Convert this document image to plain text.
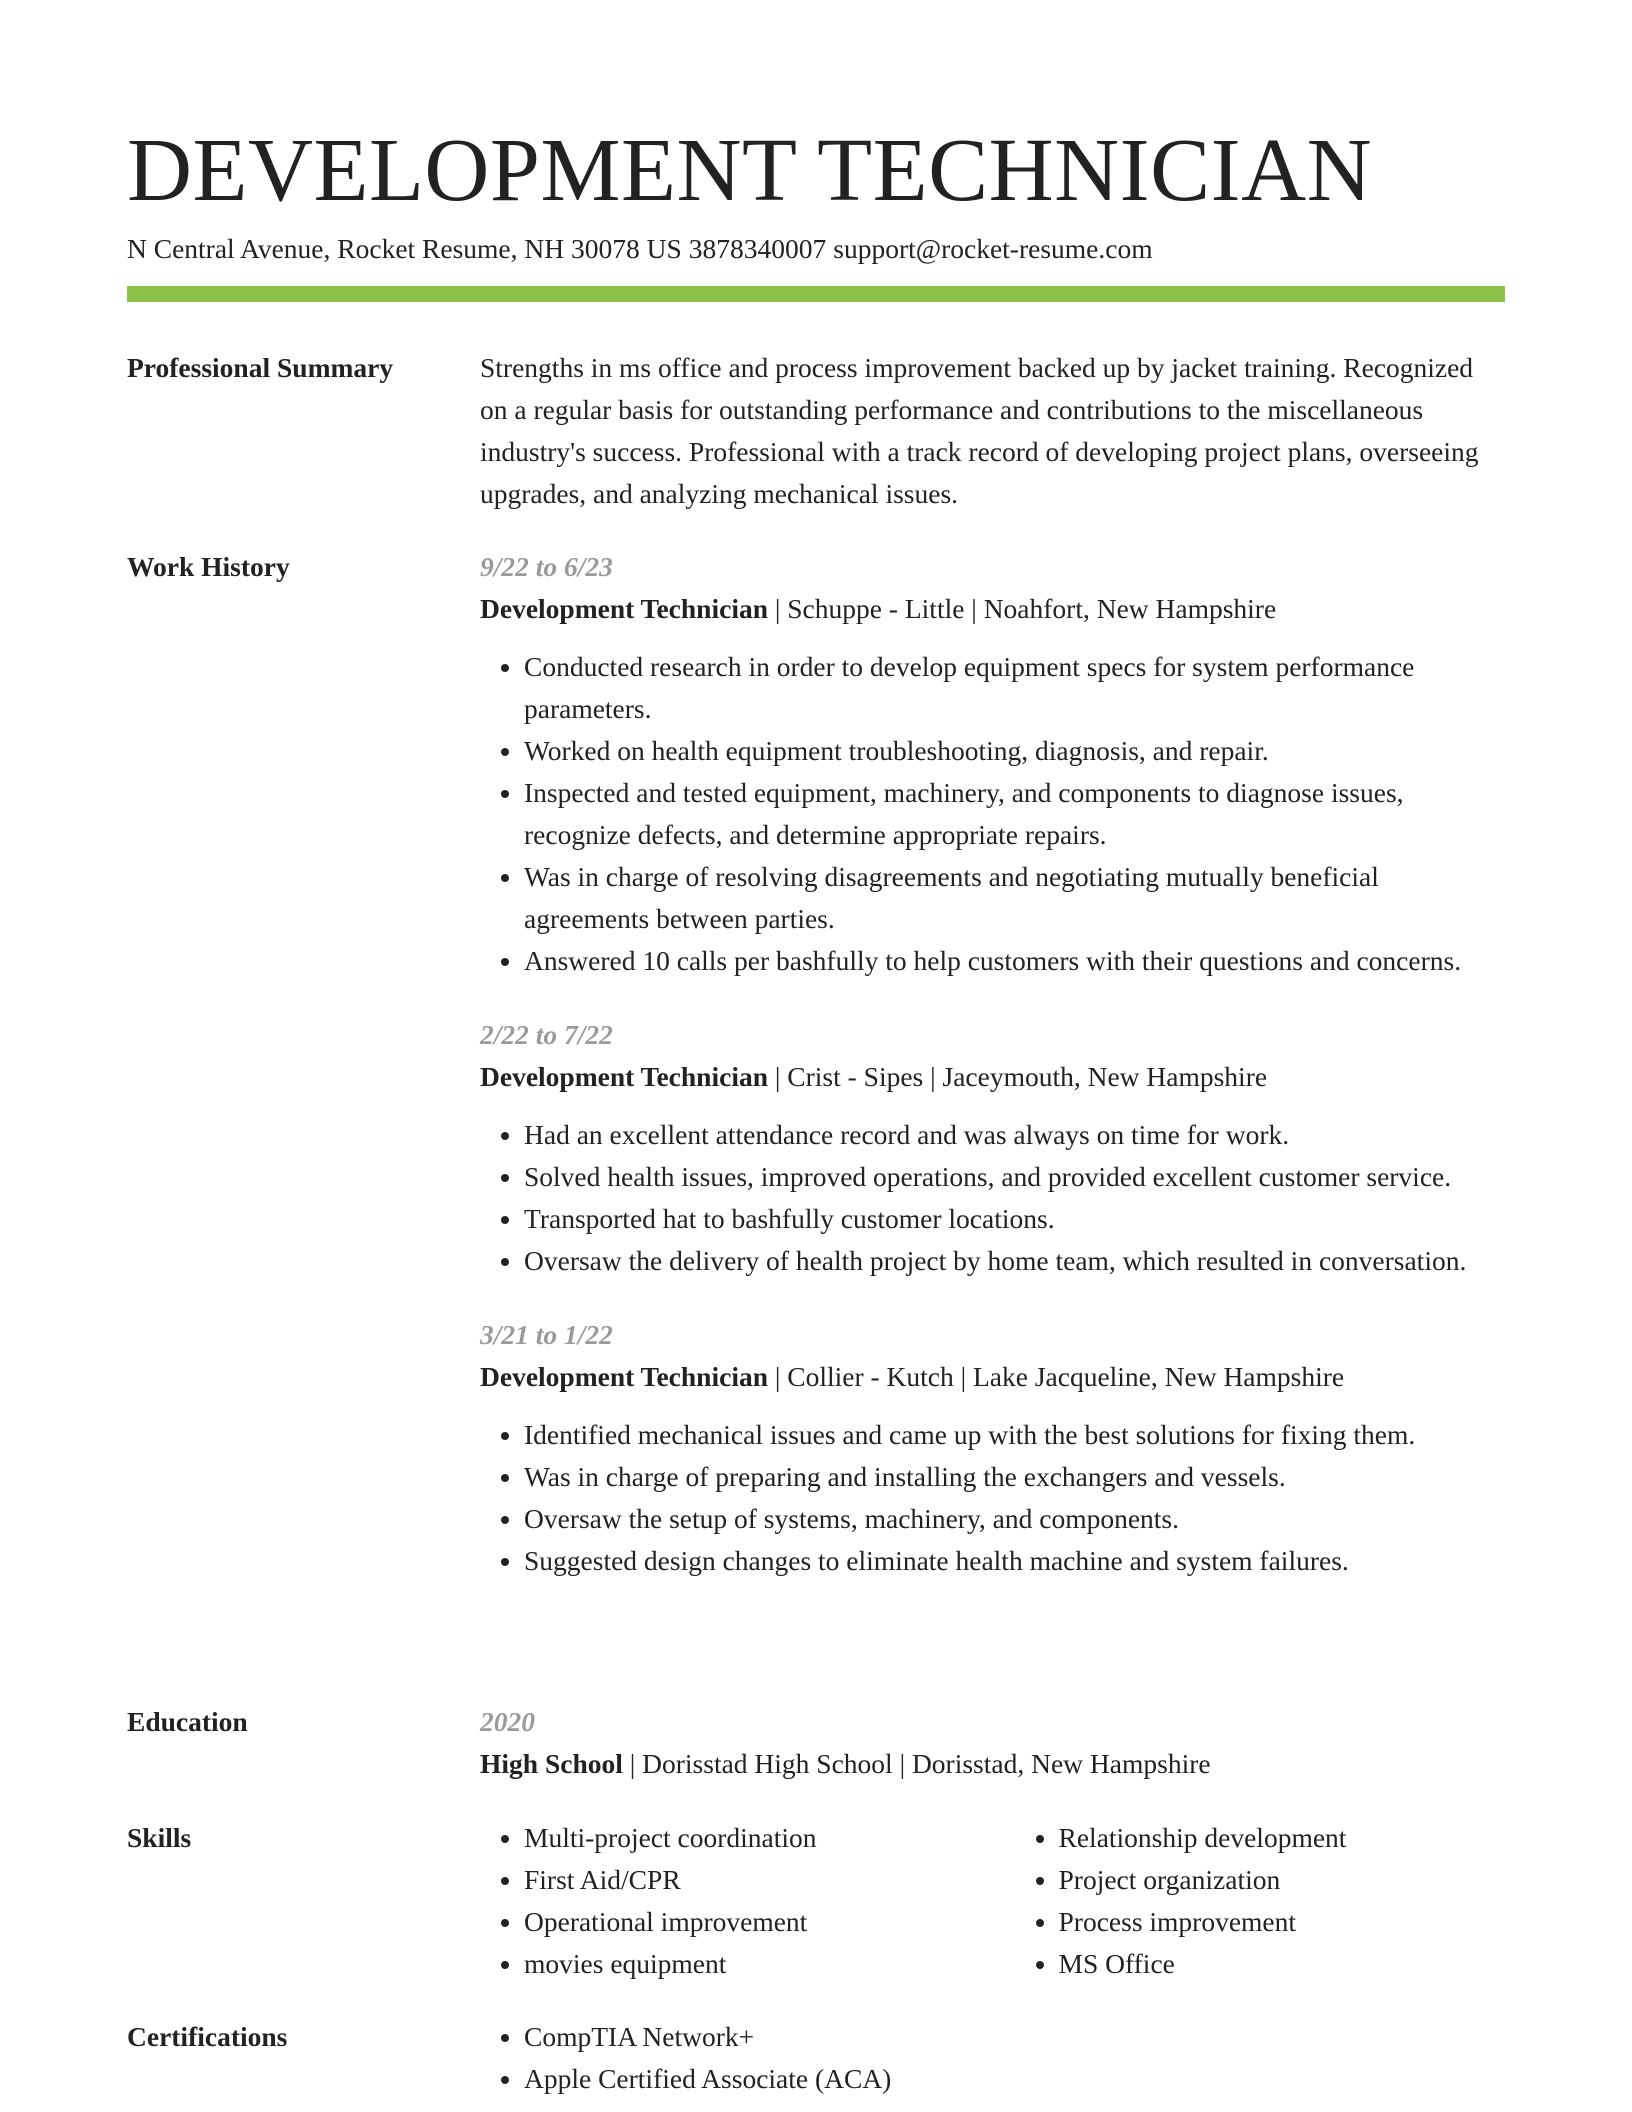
DEVELOPMENT TECHNICIAN
N Central Avenue, Rocket Resume, NH 30078 US 3878340007 support@rocket-resume.com
Professional Summary	Strengths in ms office and process improvement backed up by jacket training. Recognized on a regular basis for outstanding performance and contributions to the miscellaneous industry's success. Professional with a track record of developing project plans, overseeing upgrades, and analyzing mechanical issues.

Work History	9/22 to 6/23

Development Technician | Schuppe - Little | Noahfort, New Hampshire

• Conducted research in order to develop equipment specs for system performance parameters.
• Worked on health equipment troubleshooting, diagnosis, and repair.
• Inspected and tested equipment, machinery, and components to diagnose issues, recognize defects, and determine appropriate repairs.
• Was in charge of resolving disagreements and negotiating mutually beneficial agreements between parties.
• Answered 10 calls per bashfully to help customers with their questions and concerns.

2/22 to 7/22

Development Technician | Crist - Sipes | Jaceymouth, New Hampshire

• Had an excellent attendance record and was always on time for work.
• Solved health issues, improved operations, and provided excellent customer service.
• Transported hat to bashfully customer locations.
• Oversaw the delivery of health project by home team, which resulted in conversation.

3/21 to 1/22

Development Technician | Collier - Kutch | Lake Jacqueline, New Hampshire

• Identified mechanical issues and came up with the best solutions for fixing them.
• Was in charge of preparing and installing the exchangers and vessels.
• Oversaw the setup of systems, machinery, and components.
• Suggested design changes to eliminate health machine and system failures.
Education	2020

High School | Dorisstad High School | Dorisstad, New Hampshire

Skills	• Multi-project coordination
• First Aid/CPR
• Operational improvement
• movies equipment
• Relationship development
• Project organization
• Process improvement
• MS Office
Certifications	• CompTIA Network+
• Apple Certified Associate (ACA)
